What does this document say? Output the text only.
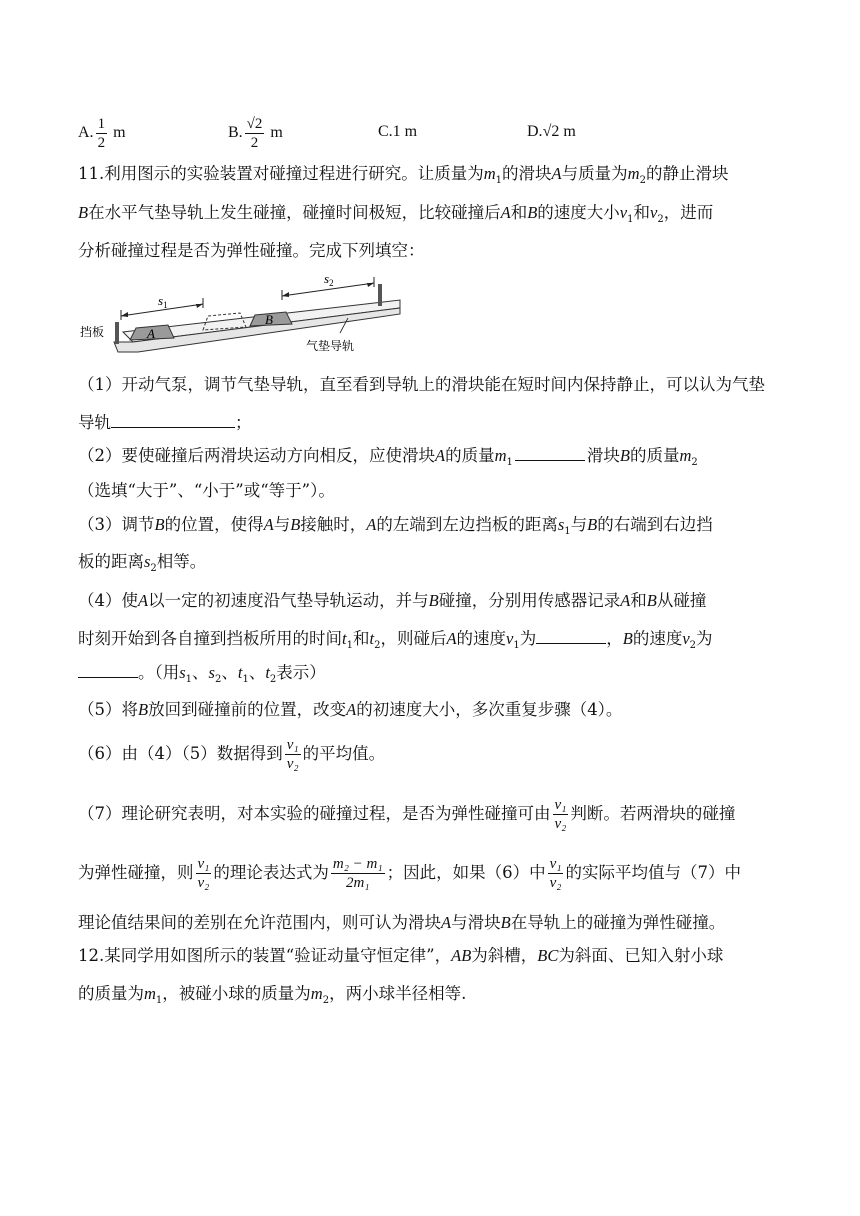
A. $\frac{1}{2}$ m	B. $\frac{√2}{2}$ m	C.1 m	D.√2 m
11.利用图示的实验装置对碰撞过程进行研究。让质量为$m_1$的滑块A与质量为$m_2$的静止滑块
B在水平气垫导轨上发生碰撞，碰撞时间极短，比较碰撞后A和B的速度大小$v_1$和$v_2$，进而
分析碰撞过程是否为弹性碰撞。完成下列填空：
$s_1$
$s_2$
挡板	A
B
气垫导轨
（1）开动气泵，调节气垫导轨，直至看到导轨上的滑块能在短时间内保持静止，可以认为气垫
导轨	；
（2）要使碰撞后两滑块运动方向相反，应使滑块A的质量$m_1$	滑块B的质量$m_2$
（选填“大于”、“小于”或“等于”）。
（3）调节B的位置，使得A与B接触时，A的左端到左边挡板的距离$s_1$与B的右端到右边挡
板的距离$s_2$相等。
（4）使A以一定的初速度沿气垫导轨运动，并与B碰撞，分别用传感器记录A和B从碰撞
时刻开始到各自撞到挡板所用的时间$t_1$和$t_2$，则碰后A的速度$v_1$为	，B的速度$v_2$为
。（用$s_1$、$s_2$、$t_1$、$t_2$表示）
（5）将B放回到碰撞前的位置，改变A的初速度大小，多次重复步骤（4）。
（6）由（4）（5）数据得到 $\frac{\text{v₁}}{\text{v₂}}$ 的平均值。
（7）理论研究表明，对本实验的碰撞过程，是否为弹性碰撞可由 $\frac{\text{v₁}}{\text{v₂}}$ 判断。若两滑块的碰撞
为弹性碰撞，则 $\frac{\text{v₁}}{\text{v₂}}$ 的理论表达式为 $\frac{\text{m₂ − m₁}}{\text{2m₁}}$ ；因此，如果（6）中 $\frac{\text{v₁}}{\text{v₂}}$ 的实际平均值与（7）中
理论值结果间的差别在允许范围内，则可认为滑块A与滑块B在导轨上的碰撞为弹性碰撞。
12.某同学用如图所示的装置“验证动量守恒定律”，AB为斜槽，BC为斜面、已知入射小球
的质量为$m_1$，被碰小球的质量为$m_2$，两小球半径相等.
